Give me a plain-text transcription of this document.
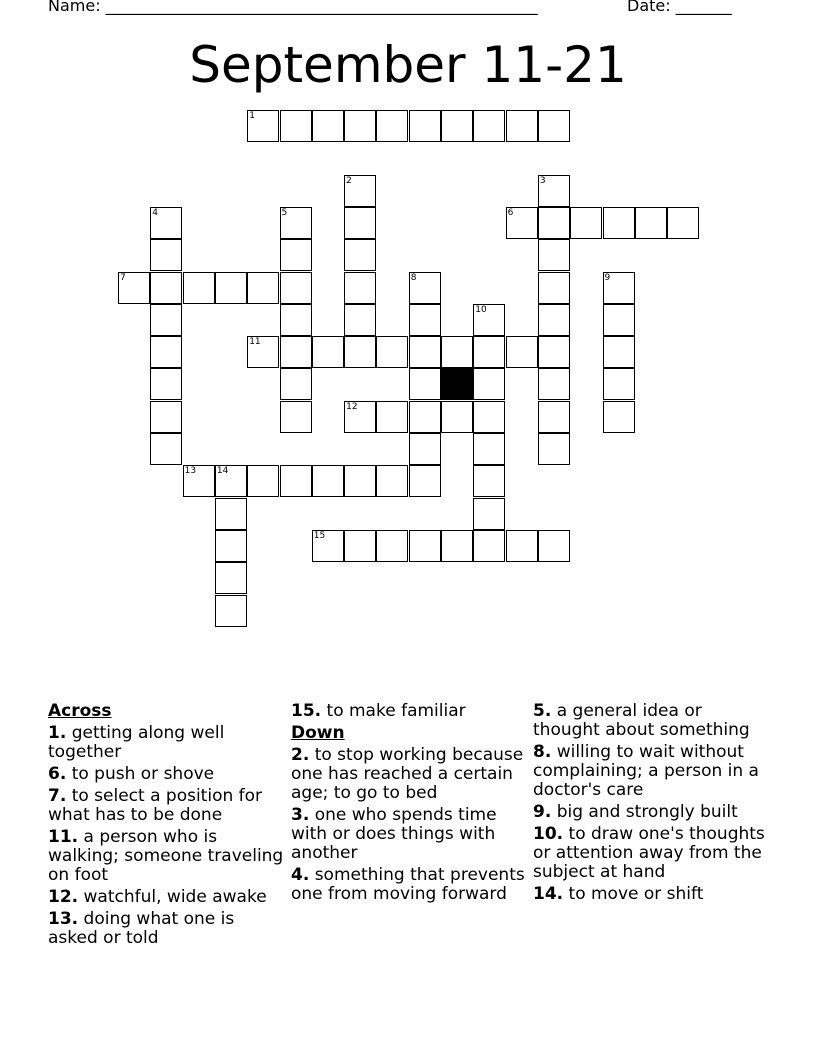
Name: ______________________________________________________	Date: _______
September 11-21
1
2	3
4	5	6
7	8	9
10
11
12
13 14
15
Across
1. getting along well together
6. to push or shove
7. to select a position for what has to be done
11. a person who is walking; someone traveling on foot
12. watchful, wide awake
13. doing what one is asked or told
15. to make familiar
Down
2. to stop working because one has reached a certain age; to go to bed
3. one who spends time with or does things with another
4. something that prevents one from moving forward
5. a general idea or thought about something
8. willing to wait without complaining; a person in a doctor's care
9. big and strongly built
10. to draw one's thoughts or attention away from the subject at hand
14. to move or shift
